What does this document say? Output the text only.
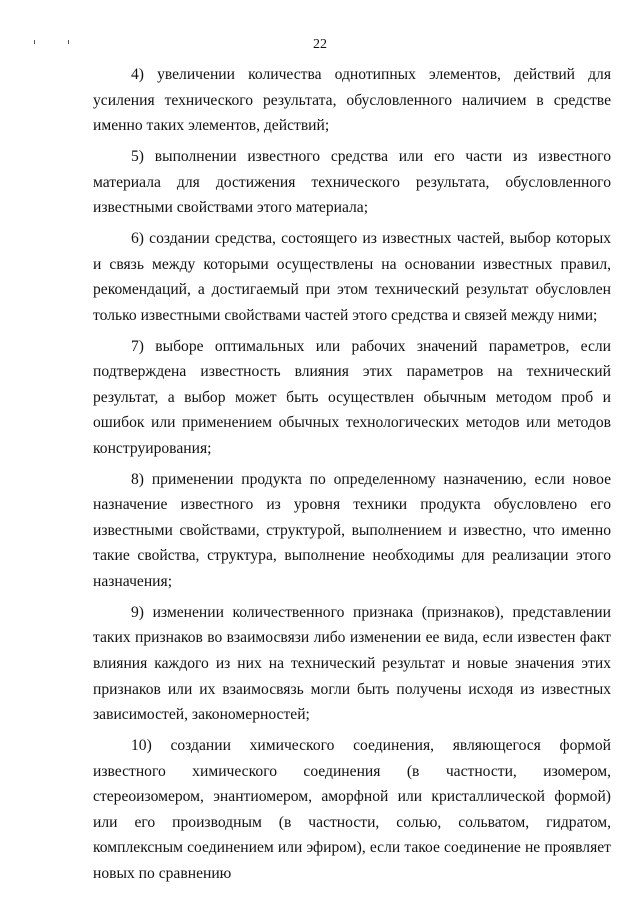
22

4) увеличении количества однотипных элементов, действий для усиления технического результата, обусловленного наличием в средстве именно таких элементов, действий;

5) выполнении известного средства или его части из известного материала для достижения технического результата, обусловленного известными свойствами этого материала;

6) создании средства, состоящего из известных частей, выбор которых и связь между которыми осуществлены на основании известных правил, рекомендаций, а достигаемый при этом технический результат обусловлен только известными свойствами частей этого средства и связей между ними;

7) выборе оптимальных или рабочих значений параметров, если подтверждена известность влияния этих параметров на технический результат, а выбор может быть осуществлен обычным методом проб и ошибок или применением обычных технологических методов или методов конструирования;

8) применении продукта по определенному назначению, если новое назначение известного из уровня техники продукта обусловлено его известными свойствами, структурой, выполнением и известно, что именно такие свойства, структура, выполнение необходимы для реализации этого назначения;

9) изменении количественного признака (признаков), представлении таких признаков во взаимосвязи либо изменении ее вида, если известен факт влияния каждого из них на технический результат и новые значения этих признаков или их взаимосвязь могли быть получены исходя из известных зависимостей, закономерностей;

10) создании химического соединения, являющегося формой известного химического соединения (в частности, изомером, стереоизомером, энантиомером, аморфной или кристаллической формой) или его производным (в частности, солью, сольватом, гидратом, комплексным соединением или эфиром), если такое соединение не проявляет новых по сравнению
